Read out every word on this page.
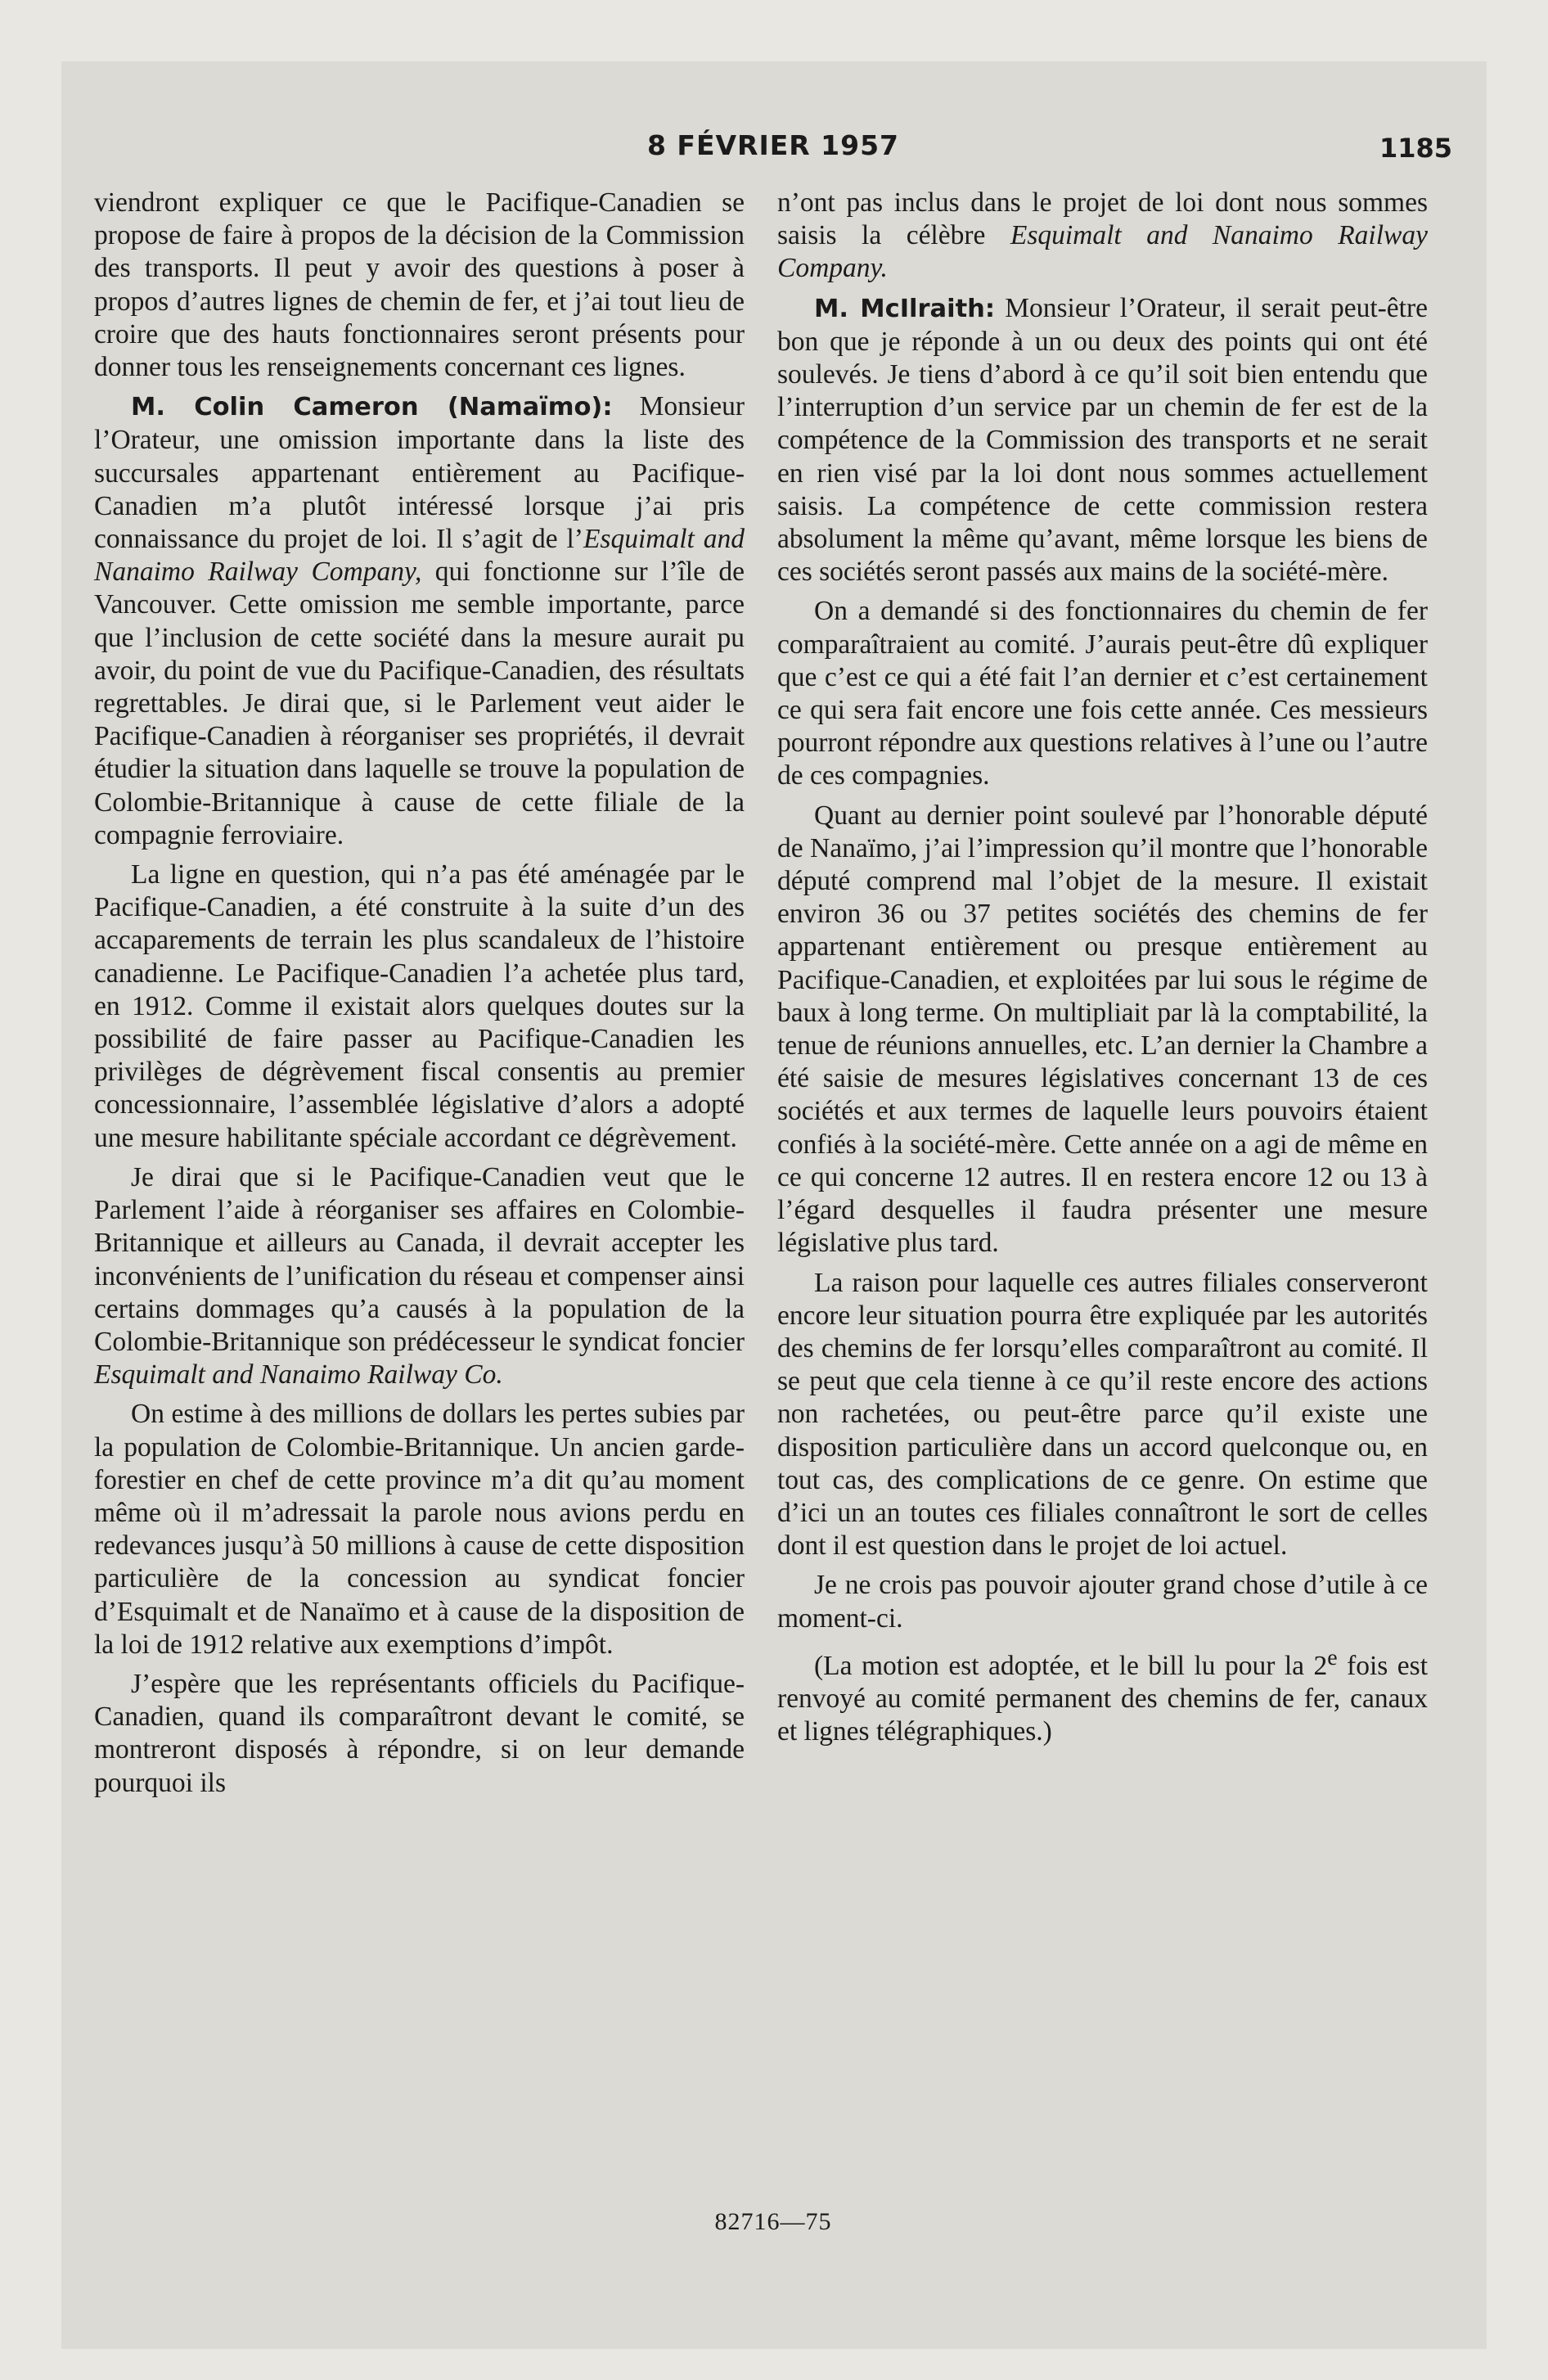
8 FÉVRIER 1957	1185

viendront expliquer ce que le Pacifique-Canadien se propose de faire à propos de la décision de la Commission des transports. Il peut y avoir des questions à poser à propos d’autres lignes de chemin de fer, et j’ai tout lieu de croire que des hauts fonctionnaires seront présents pour donner tous les renseignements concernant ces lignes.

M. Colin Cameron (Namaïmo): Monsieur l’Orateur, une omission importante dans la liste des succursales appartenant entièrement au Pacifique-Canadien m’a plutôt intéressé lorsque j’ai pris connaissance du projet de loi. Il s’agit de l’Esquimalt and Nanaimo Railway Company, qui fonctionne sur l’île de Vancouver. Cette omission me semble importante, parce que l’inclusion de cette société dans la mesure aurait pu avoir, du point de vue du Pacifique-Canadien, des résultats regrettables. Je dirai que, si le Parlement veut aider le Pacifique-Canadien à réorganiser ses propriétés, il devrait étudier la situation dans laquelle se trouve la population de Colombie-Britannique à cause de cette filiale de la compagnie ferroviaire.

La ligne en question, qui n’a pas été aménagée par le Pacifique-Canadien, a été construite à la suite d’un des accaparements de terrain les plus scandaleux de l’histoire canadienne. Le Pacifique-Canadien l’a achetée plus tard, en 1912. Comme il existait alors quelques doutes sur la possibilité de faire passer au Pacifique-Canadien les privilèges de dégrèvement fiscal consentis au premier concessionnaire, l’assemblée législative d’alors a adopté une mesure habilitante spéciale accordant ce dégrèvement.

Je dirai que si le Pacifique-Canadien veut que le Parlement l’aide à réorganiser ses affaires en Colombie-Britannique et ailleurs au Canada, il devrait accepter les inconvénients de l’unification du réseau et compenser ainsi certains dommages qu’a causés à la population de la Colombie-Britannique son prédécesseur le syndicat foncier Esquimalt and Nanaimo Railway Co.

On estime à des millions de dollars les pertes subies par la population de Colombie-Britannique. Un ancien garde-forestier en chef de cette province m’a dit qu’au moment même où il m’adressait la parole nous avions perdu en redevances jusqu’à 50 millions à cause de cette disposition particulière de la concession au syndicat foncier d’Esquimalt et de Nanaïmo et à cause de la disposition de la loi de 1912 relative aux exemptions d’impôt.

J’espère que les représentants officiels du Pacifique-Canadien, quand ils comparaîtront devant le comité, se montreront disposés à répondre, si on leur demande pourquoi ils

n’ont pas inclus dans le projet de loi dont nous sommes saisis la célèbre Esquimalt and Nanaimo Railway Company.

M. McIlraith: Monsieur l’Orateur, il serait peut-être bon que je réponde à un ou deux des points qui ont été soulevés. Je tiens d’abord à ce qu’il soit bien entendu que l’interruption d’un service par un chemin de fer est de la compétence de la Commission des transports et ne serait en rien visé par la loi dont nous sommes actuellement saisis. La compétence de cette commission restera absolument la même qu’avant, même lorsque les biens de ces sociétés seront passés aux mains de la société-mère.

On a demandé si des fonctionnaires du chemin de fer comparaîtraient au comité. J’aurais peut-être dû expliquer que c’est ce qui a été fait l’an dernier et c’est certainement ce qui sera fait encore une fois cette année. Ces messieurs pourront répondre aux questions relatives à l’une ou l’autre de ces compagnies.

Quant au dernier point soulevé par l’honorable député de Nanaïmo, j’ai l’impression qu’il montre que l’honorable député comprend mal l’objet de la mesure. Il existait environ 36 ou 37 petites sociétés des chemins de fer appartenant entièrement ou presque entièrement au Pacifique-Canadien, et exploitées par lui sous le régime de baux à long terme. On multipliait par là la comptabilité, la tenue de réunions annuelles, etc. L’an dernier la Chambre a été saisie de mesures législatives concernant 13 de ces sociétés et aux termes de laquelle leurs pouvoirs étaient confiés à la société-mère. Cette année on a agi de même en ce qui concerne 12 autres. Il en restera encore 12 ou 13 à l’égard desquelles il faudra présenter une mesure législative plus tard.

La raison pour laquelle ces autres filiales conserveront encore leur situation pourra être expliquée par les autorités des chemins de fer lorsqu’elles comparaîtront au comité. Il se peut que cela tienne à ce qu’il reste encore des actions non rachetées, ou peut-être parce qu’il existe une disposition particulière dans un accord quelconque ou, en tout cas, des complications de ce genre. On estime que d’ici un an toutes ces filiales connaîtront le sort de celles dont il est question dans le projet de loi actuel.

Je ne crois pas pouvoir ajouter grand chose d’utile à ce moment-ci.

(La motion est adoptée, et le bill lu pour la 2e fois est renvoyé au comité permanent des chemins de fer, canaux et lignes télégraphiques.)

82716—75
